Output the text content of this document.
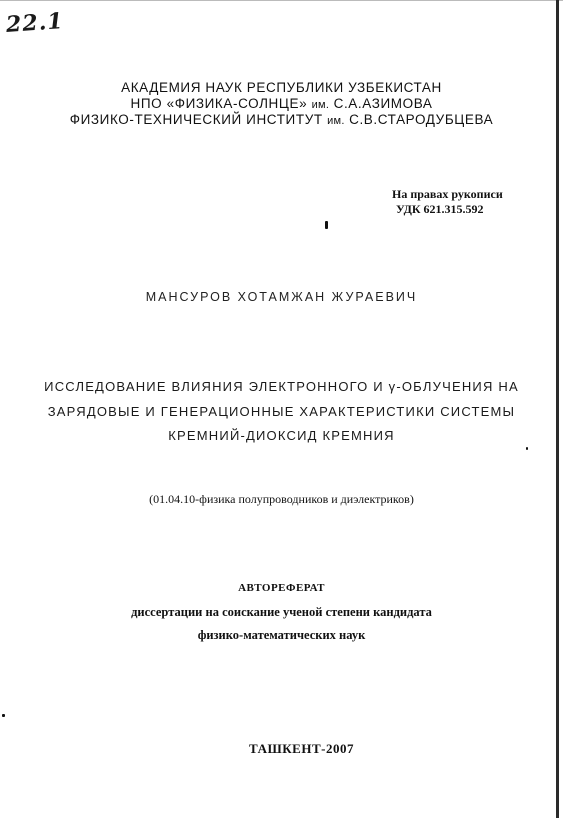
22.1
АКАДЕМИЯ НАУК РЕСПУБЛИКИ УЗБЕКИСТАН
НПО «ФИЗИКА-СОЛНЦЕ» им. С.А.АЗИМОВА
ФИЗИКО-ТЕХНИЧЕСКИЙ ИНСТИТУТ им. С.В.СТАРОДУБЦЕВА
На правах рукописи
УДК 621.315.592
МАНСУРОВ ХОТАМЖАН ЖУРАЕВИЧ
ИССЛЕДОВАНИЕ ВЛИЯНИЯ ЭЛЕКТРОННОГО И γ-ОБЛУЧЕНИЯ НА
ЗАРЯДОВЫЕ И ГЕНЕРАЦИОННЫЕ ХАРАКТЕРИСТИКИ СИСТЕМЫ
КРЕМНИЙ-ДИОКСИД КРЕМНИЯ
(01.04.10-физика полупроводников и диэлектриков)
АВТОРЕФЕРАТ
диссертации на соискание ученой степени кандидата
физико-математических наук
ТАШКЕНТ-2007
